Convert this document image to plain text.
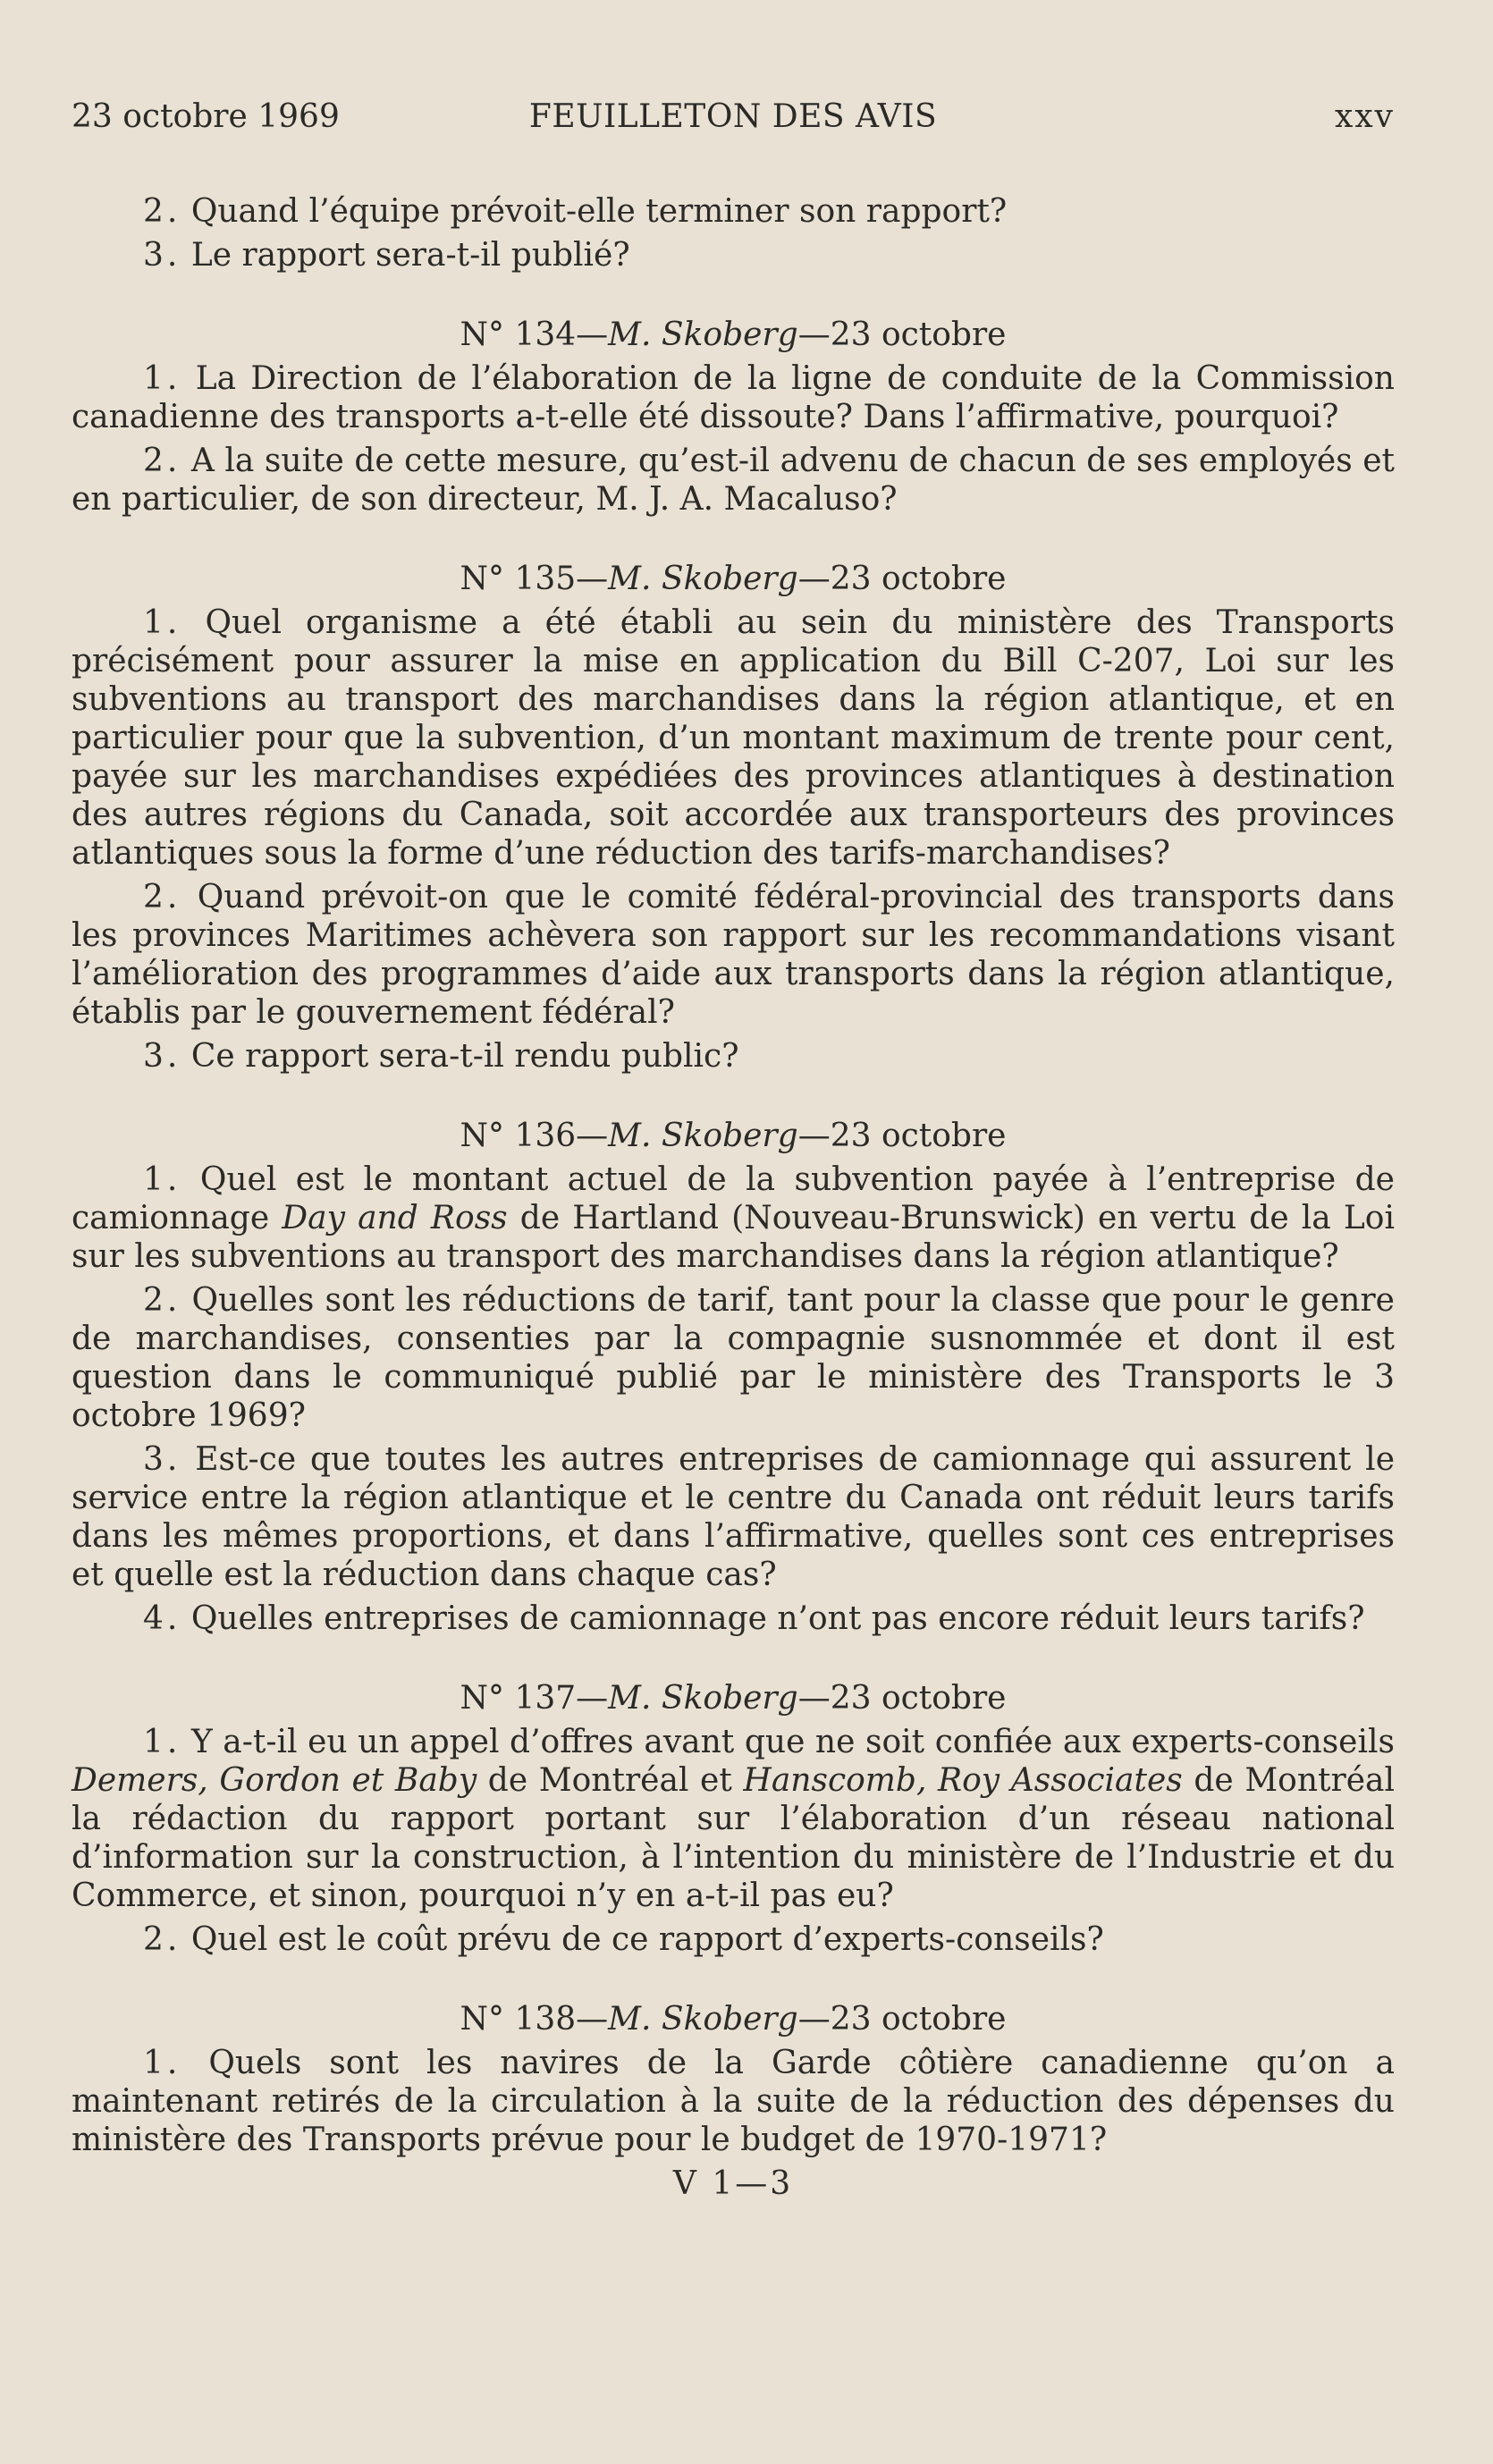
23 octobre 1969	FEUILLETON DES AVIS	xxv

2. Quand l’équipe prévoit-elle terminer son rapport?

3. Le rapport sera-t-il publié?

N° 134—M. Skoberg—23 octobre

1. La Direction de l’élaboration de la ligne de conduite de la Commission canadienne des transports a-t-elle été dissoute? Dans l’affirmative, pourquoi?

2. A la suite de cette mesure, qu’est-il advenu de chacun de ses employés et en particulier, de son directeur, M. J. A. Macaluso?

N° 135—M. Skoberg—23 octobre

1. Quel organisme a été établi au sein du ministère des Transports précisément pour assurer la mise en application du Bill C-207, Loi sur les subventions au transport des marchandises dans la région atlantique, et en particulier pour que la subvention, d’un montant maximum de trente pour cent, payée sur les marchandises expédiées des provinces atlantiques à destination des autres régions du Canada, soit accordée aux transporteurs des provinces atlantiques sous la forme d’une réduction des tarifs-marchandises?

2. Quand prévoit-on que le comité fédéral-provincial des transports dans les provinces Maritimes achèvera son rapport sur les recommandations visant l’amélioration des programmes d’aide aux transports dans la région atlantique, établis par le gouvernement fédéral?

3. Ce rapport sera-t-il rendu public?

N° 136—M. Skoberg—23 octobre

1. Quel est le montant actuel de la subvention payée à l’entreprise de camionnage Day and Ross de Hartland (Nouveau-Brunswick) en vertu de la Loi sur les subventions au transport des marchandises dans la région atlantique?

2. Quelles sont les réductions de tarif, tant pour la classe que pour le genre de marchandises, consenties par la compagnie susnommée et dont il est question dans le communiqué publié par le ministère des Transports le 3 octobre 1969?

3. Est-ce que toutes les autres entreprises de camionnage qui assurent le service entre la région atlantique et le centre du Canada ont réduit leurs tarifs dans les mêmes proportions, et dans l’affirmative, quelles sont ces entreprises et quelle est la réduction dans chaque cas?

4. Quelles entreprises de camionnage n’ont pas encore réduit leurs tarifs?

N° 137—M. Skoberg—23 octobre

1. Y a-t-il eu un appel d’offres avant que ne soit confiée aux experts-conseils Demers, Gordon et Baby de Montréal et Hanscomb, Roy Associates de Montréal la rédaction du rapport portant sur l’élaboration d’un réseau national d’information sur la construction, à l’intention du ministère de l’Industrie et du Commerce, et sinon, pourquoi n’y en a-t-il pas eu?

2. Quel est le coût prévu de ce rapport d’experts-conseils?

N° 138—M. Skoberg—23 octobre

1. Quels sont les navires de la Garde côtière canadienne qu’on a maintenant retirés de la circulation à la suite de la réduction des dépenses du ministère des Transports prévue pour le budget de 1970-1971?

V 1—3
